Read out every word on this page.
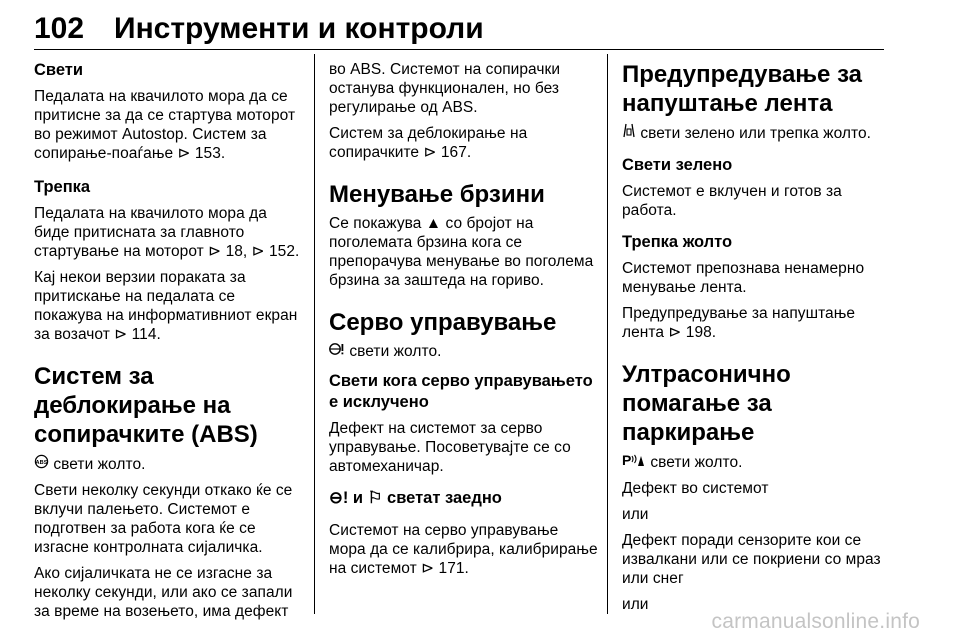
102 Инструменти и контроли
Свети

Педалата на квачилото мора да се притисне за да се стартува моторот во режимот Autostop. Систем за сопирање-поаѓање ⊳ 153.

Трепка

Педалата на квачилото мора да биде притисната за главното стартување на моторот ⊳ 18, ⊳ 152.

Кај некои верзии пораката за притискање на педалата се покажува на информативниот екран за возачот ⊳ 114.

Систем за деблокирање на сопирачките (ABS)

ABS свети жолто.

Свети неколку секунди откако ќе се вклучи палењето. Системот е подготвен за работа кога ќе се изгасне контролната сијаличка.

Ако сијаличката не се изгасне за неколку секунди, или ако се запали за време на возењето, има дефект

во ABS. Системот на сопирачки останува функционален, но без регулирање од ABS.

Систем за деблокирање на сопирачките ⊳ 167.

Менување брзини

Се покажува ▲ со бројот на поголемата брзина кога се препорачува менување во поголема брзина за заштеда на гориво.

Серво управување

свети жолто.

Свети кога серво управувањето е исклучено

Дефект на системот за серво управување. Посоветувајте се со автомеханичар.

⊖! и ⚐ светат заедно

Системот на серво управување мора да се калибрира, калибрирање на системот ⊳ 171.

Предупредување за напуштање лента

свети зелено или трепка жолто.

Свети зелено

Системот е вклучен и готов за работа.

Трепка жолто

Системот препознава ненамерно менување лента.

Предупредување за напуштање лента ⊳ 198.

Ултрасонично помагање за паркирање

P свети жолто.

Дефект во системот

или

Дефект поради сензорите кои се извалкани или се покриени со мраз или снег

или

carmanualsonline.info
